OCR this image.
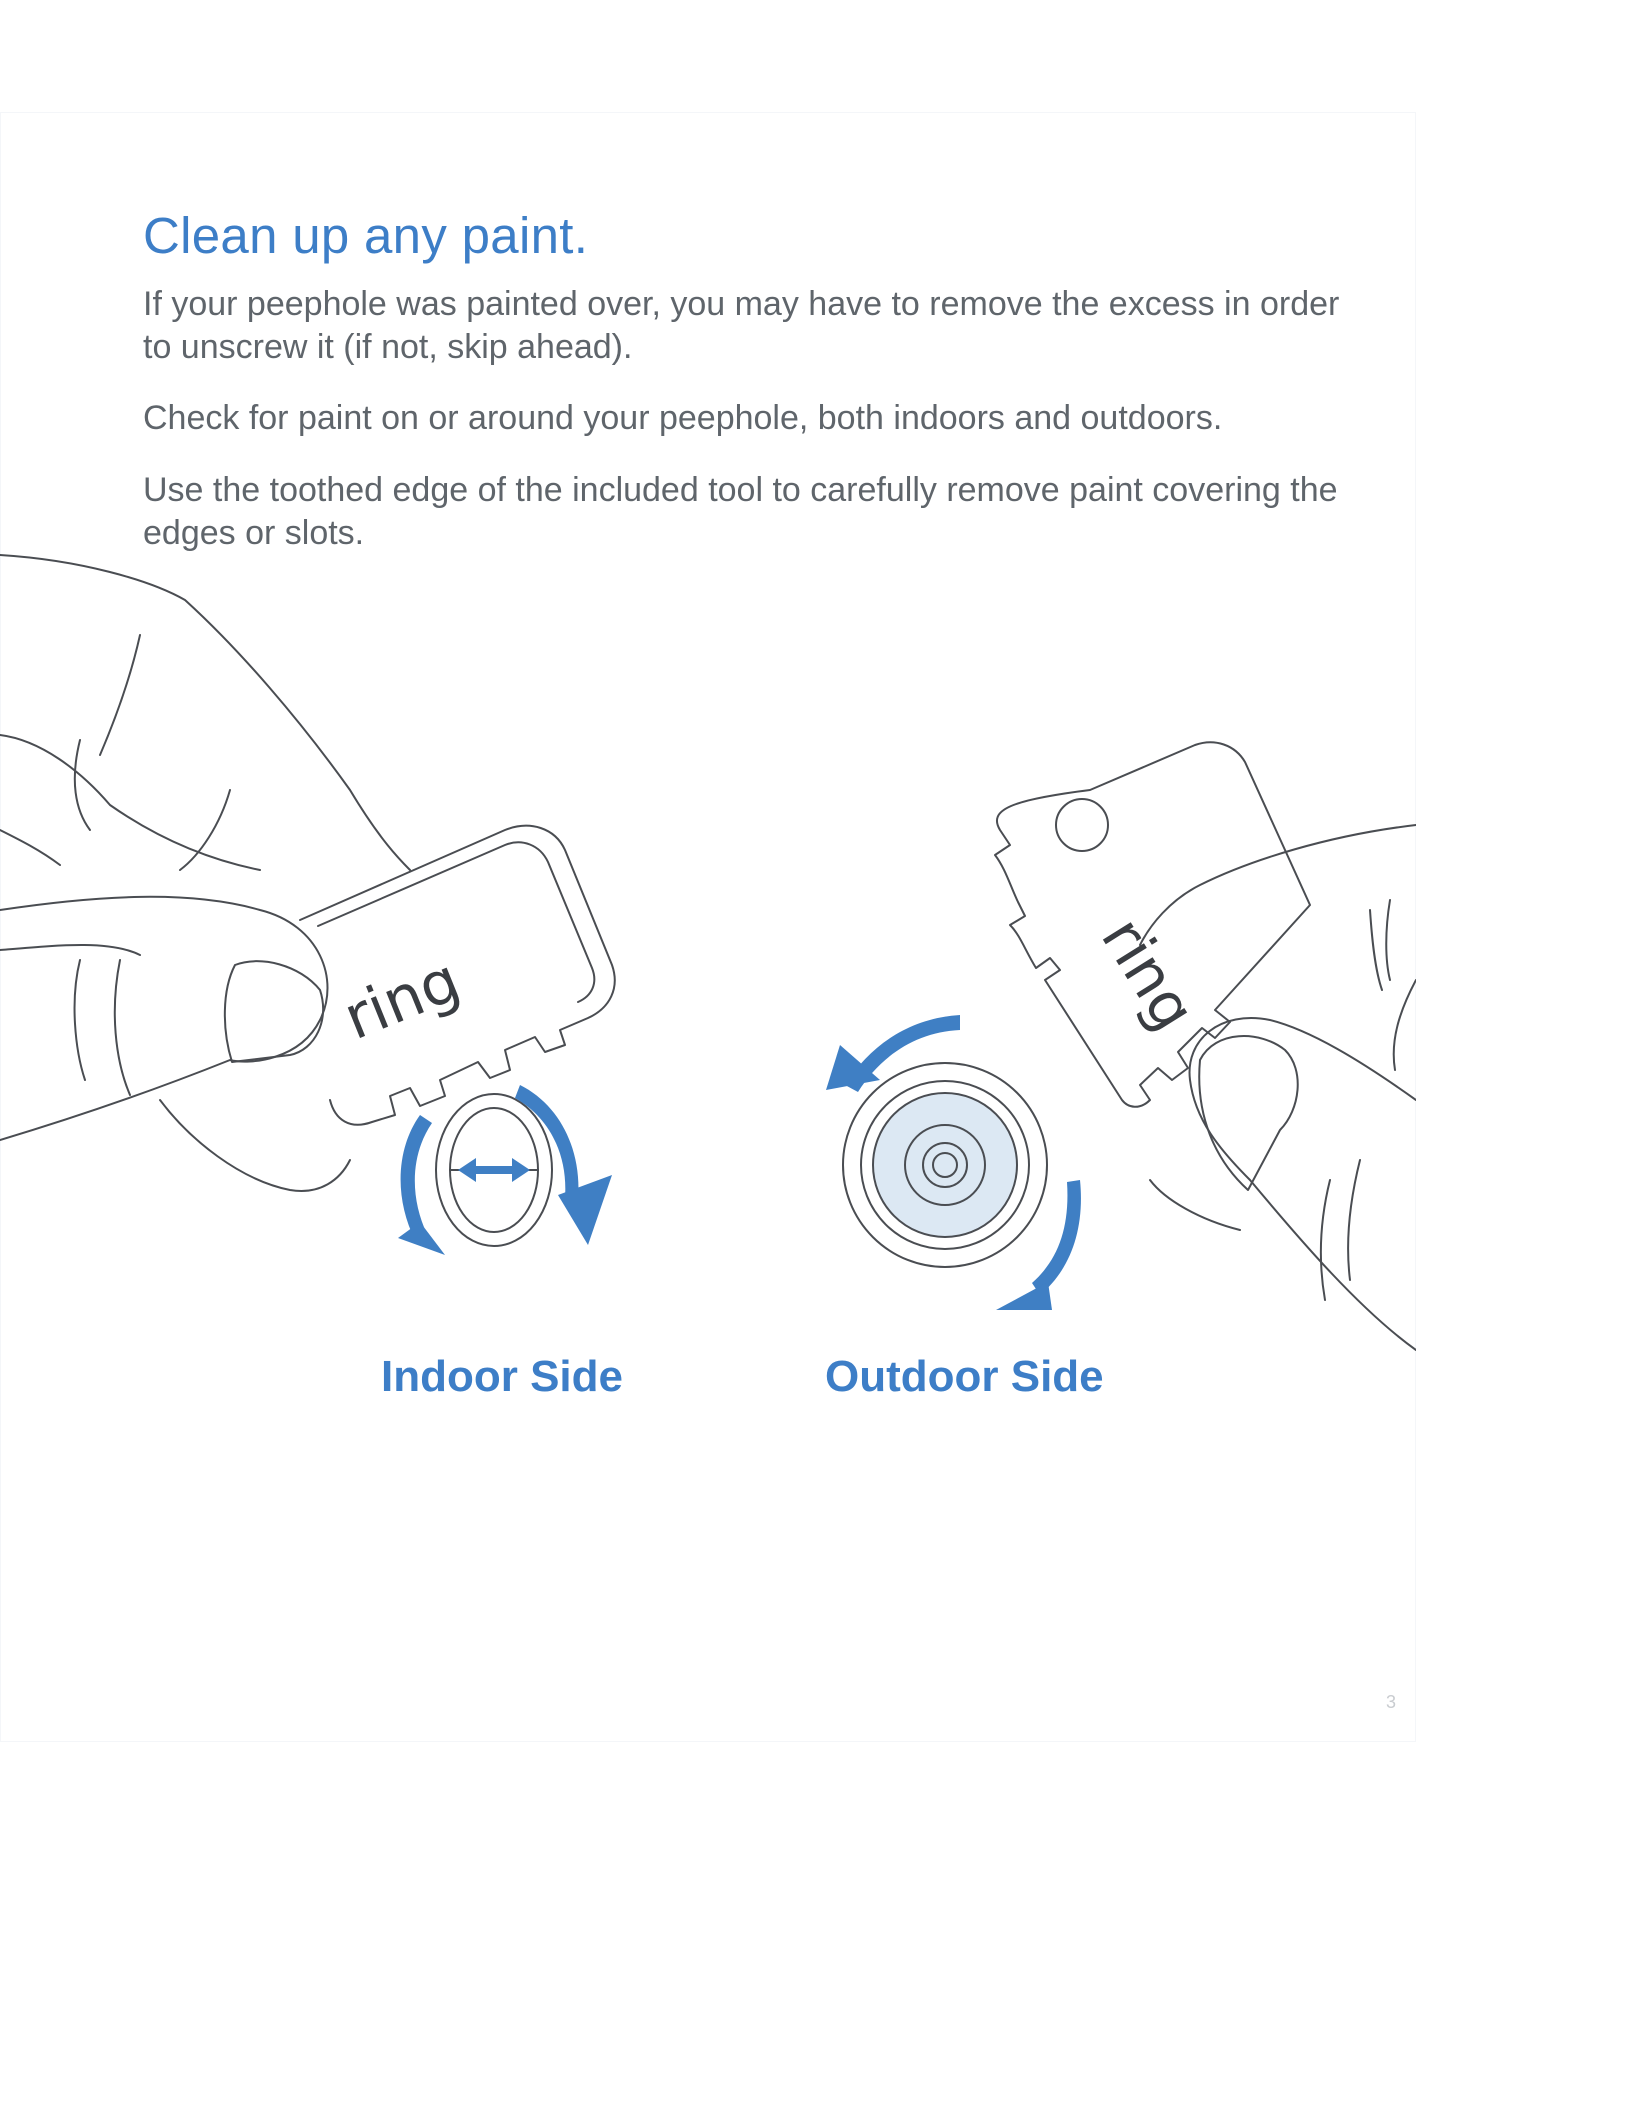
Clean up any paint.

If your peephole was painted over, you may have to remove the excess in order to unscrew it (if not, skip ahead).

Check for paint on or around your peephole, both indoors and outdoors.

Use the toothed edge of the included tool to carefully remove paint covering the edges or slots.

ring	ring
Indoor Side	Outdoor Side
3
